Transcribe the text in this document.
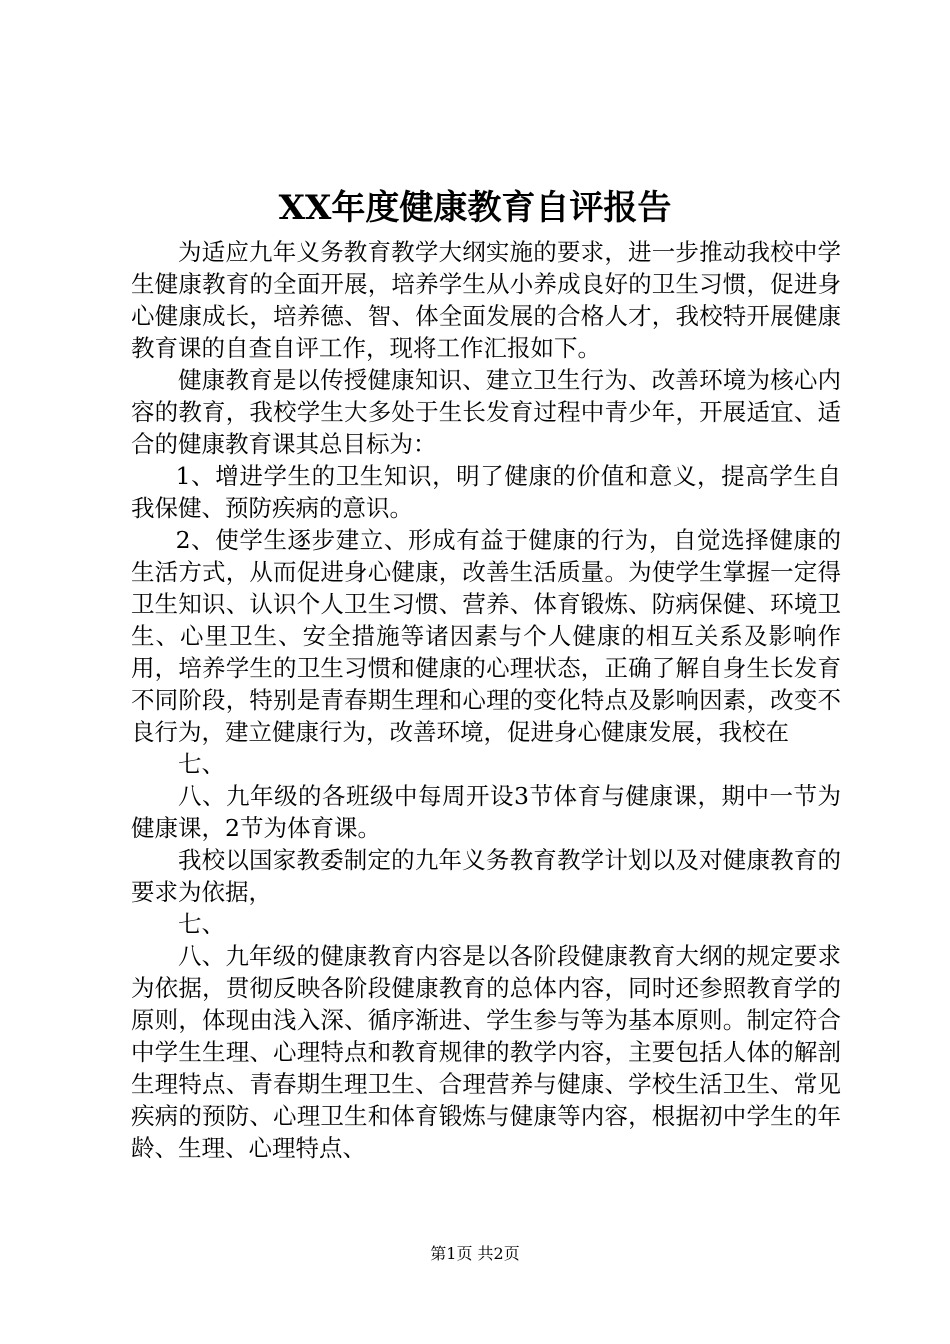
XX年度健康教育自评报告

为适应九年义务教育教学大纲实施的要求，进一步推动我校中学生健康教育的全面开展，培养学生从小养成良好的卫生习惯，促进身心健康成长，培养德、智、体全面发展的合格人才，我校特开展健康教育课的自查自评工作，现将工作汇报如下。

健康教育是以传授健康知识、建立卫生行为、改善环境为核心内容的教育，我校学生大多处于生长发育过程中青少年，开展适宜、适合的健康教育课其总目标为：

1、增进学生的卫生知识，明了健康的价值和意义，提高学生自我保健、预防疾病的意识。

2、使学生逐步建立、形成有益于健康的行为，自觉选择健康的生活方式，从而促进身心健康，改善生活质量。为使学生掌握一定得卫生知识、认识个人卫生习惯、营养、体育锻炼、防病保健、环境卫生、心里卫生、安全措施等诸因素与个人健康的相互关系及影响作用，培养学生的卫生习惯和健康的心理状态，正确了解自身生长发育不同阶段，特别是青春期生理和心理的变化特点及影响因素，改变不良行为，建立健康行为，改善环境，促进身心健康发展，我校在

七、

八、九年级的各班级中每周开设3节体育与健康课，期中一节为健康课，2节为体育课。

我校以国家教委制定的九年义务教育教学计划以及对健康教育的要求为依据，

七、

八、九年级的健康教育内容是以各阶段健康教育大纲的规定要求为依据，贯彻反映各阶段健康教育的总体内容，同时还参照教育学的原则，体现由浅入深、循序渐进、学生参与等为基本原则。制定符合中学生生理、心理特点和教育规律的教学内容，主要包括人体的解剖生理特点、青春期生理卫生、合理营养与健康、学校生活卫生、常见疾病的预防、心理卫生和体育锻炼与健康等内容，根据初中学生的年龄、生理、心理特点、

第1页 共2页
